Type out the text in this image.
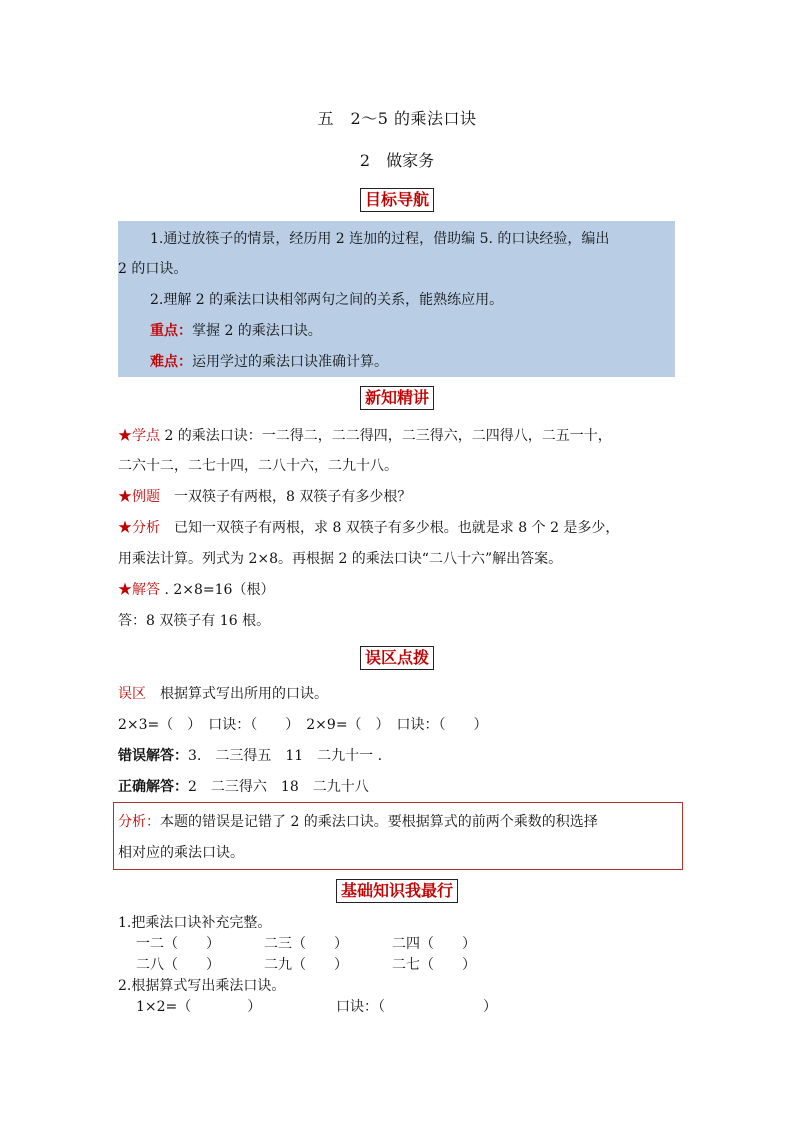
五　2～5 的乘法口诀
2　做家务
目标导航
1.通过放筷子的情景，经历用 2 连加的过程，借助编 5. 的口诀经验，编出
2 的口诀。
2.理解 2 的乘法口诀相邻两句之间的关系，能熟练应用。
重点：掌握 2 的乘法口诀。
难点：运用学过的乘法口诀准确计算。
新知精讲
★学点 2 的乘法口诀：一二得二，二二得四，二三得六，二四得八，二五一十，
二六十二，二七十四，二八十六，二九十八。
★例题　一双筷子有两根，8 双筷子有多少根？
★分析　已知一双筷子有两根，求 8 双筷子有多少根。也就是求 8 个 2 是多少，
用乘法计算。列式为 2×8。再根据 2 的乘法口诀“二八十六”解出答案。
★解答 . 2×8=16（根）
答：8 双筷子有 16 根。
误区点拨
误区　根据算式写出所用的口诀。
2×3=（　）　口诀：（　　）　2×9=（　）　口诀：（　　）
错误解答：3.　二三得五　11　二九十一 .
正确解答：2　二三得六　18　二九十八
分析：本题的错误是记错了 2 的乘法口诀。要根据算式的前两个乘数的积选择
相对应的乘法口诀。
基础知识我最行
1.把乘法口诀补充完整。
一二（　　）	二三（　　）	二四（　　）
二八（　　）	二九（　　）	二七（　　）
2.根据算式写出乘法口诀。
1×2=（　　　　）	口诀：（　　　　　　　）
